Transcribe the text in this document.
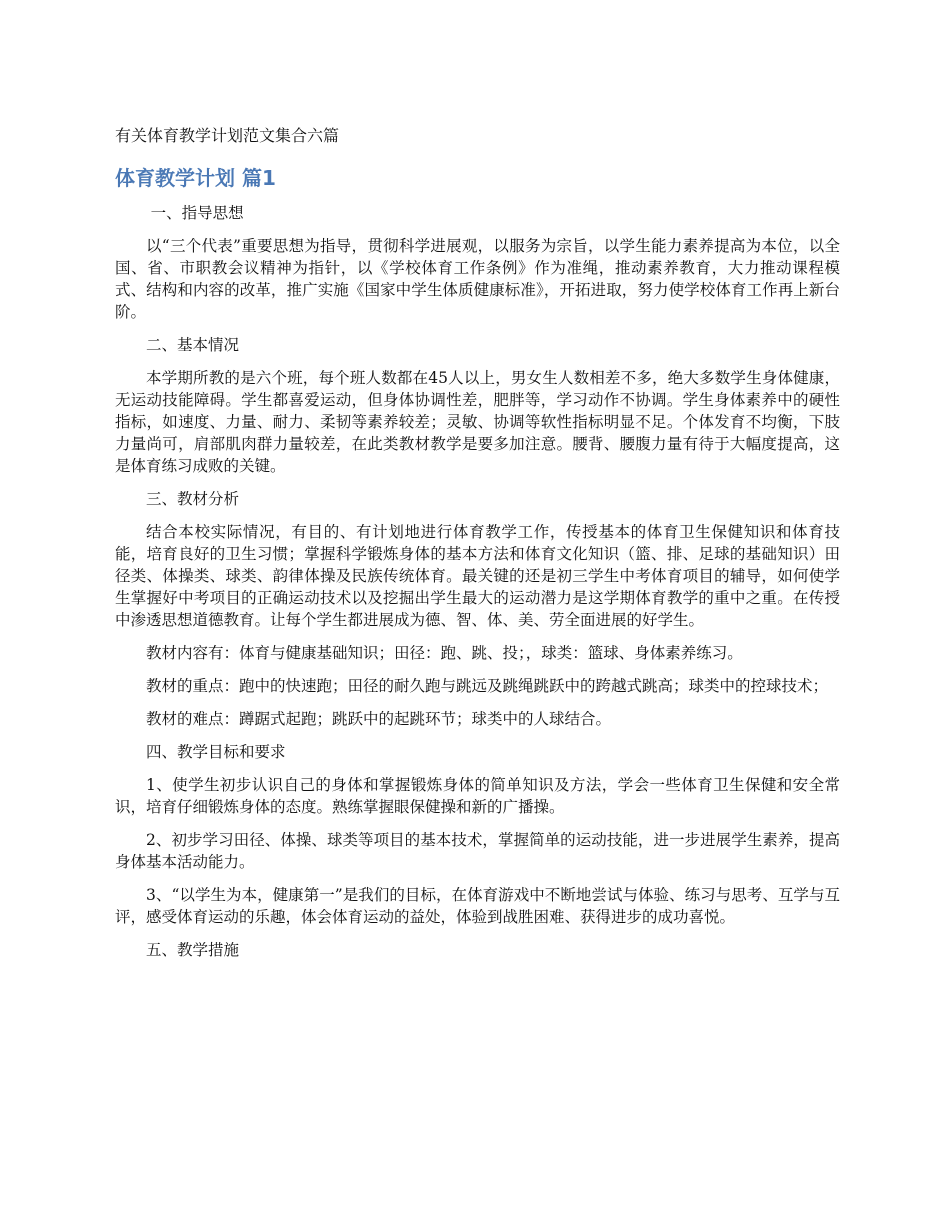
有关体育教学计划范文集合六篇
体育教学计划 篇1

一、指导思想

以“三个代表”重要思想为指导，贯彻科学进展观，以服务为宗旨，以学生能力素养提高为本位，以全国、省、市职教会议精神为指针，以《学校体育工作条例》作为准绳，推动素养教育，大力推动课程模式、结构和内容的改革，推广实施《国家中学生体质健康标准》，开拓进取，努力使学校体育工作再上新台阶。

二、基本情况

本学期所教的是六个班，每个班人数都在45人以上，男女生人数相差不多，绝大多数学生身体健康，无运动技能障碍。学生都喜爱运动，但身体协调性差，肥胖等，学习动作不协调。学生身体素养中的硬性指标，如速度、力量、耐力、柔韧等素养较差；灵敏、协调等软性指标明显不足。个体发育不均衡，下肢力量尚可，肩部肌肉群力量较差，在此类教材教学是要多加注意。腰背、腰腹力量有待于大幅度提高，这是体育练习成败的关键。

三、教材分析

结合本校实际情况，有目的、有计划地进行体育教学工作，传授基本的体育卫生保健知识和体育技能，培育良好的卫生习惯；掌握科学锻炼身体的基本方法和体育文化知识（篮、排、足球的基础知识）田径类、体操类、球类、韵律体操及民族传统体育。最关键的还是初三学生中考体育项目的辅导，如何使学生掌握好中考项目的正确运动技术以及挖掘出学生最大的运动潜力是这学期体育教学的重中之重。在传授中渗透思想道德教育。让每个学生都进展成为德、智、体、美、劳全面进展的好学生。

教材内容有：体育与健康基础知识；田径：跑、跳、投；，球类：篮球、身体素养练习。

教材的重点：跑中的快速跑；田径的耐久跑与跳远及跳绳跳跃中的跨越式跳高；球类中的控球技术；

教材的难点：蹲踞式起跑；跳跃中的起跳环节；球类中的人球结合。

四、教学目标和要求

1、使学生初步认识自己的身体和掌握锻炼身体的简单知识及方法，学会一些体育卫生保健和安全常识，培育仔细锻炼身体的态度。熟练掌握眼保健操和新的广播操。

2、初步学习田径、体操、球类等项目的基本技术，掌握简单的运动技能，进一步进展学生素养，提高身体基本活动能力。

3、“以学生为本，健康第一”是我们的目标，在体育游戏中不断地尝试与体验、练习与思考、互学与互评，感受体育运动的乐趣，体会体育运动的益处，体验到战胜困难、获得进步的成功喜悦。

五、教学措施
